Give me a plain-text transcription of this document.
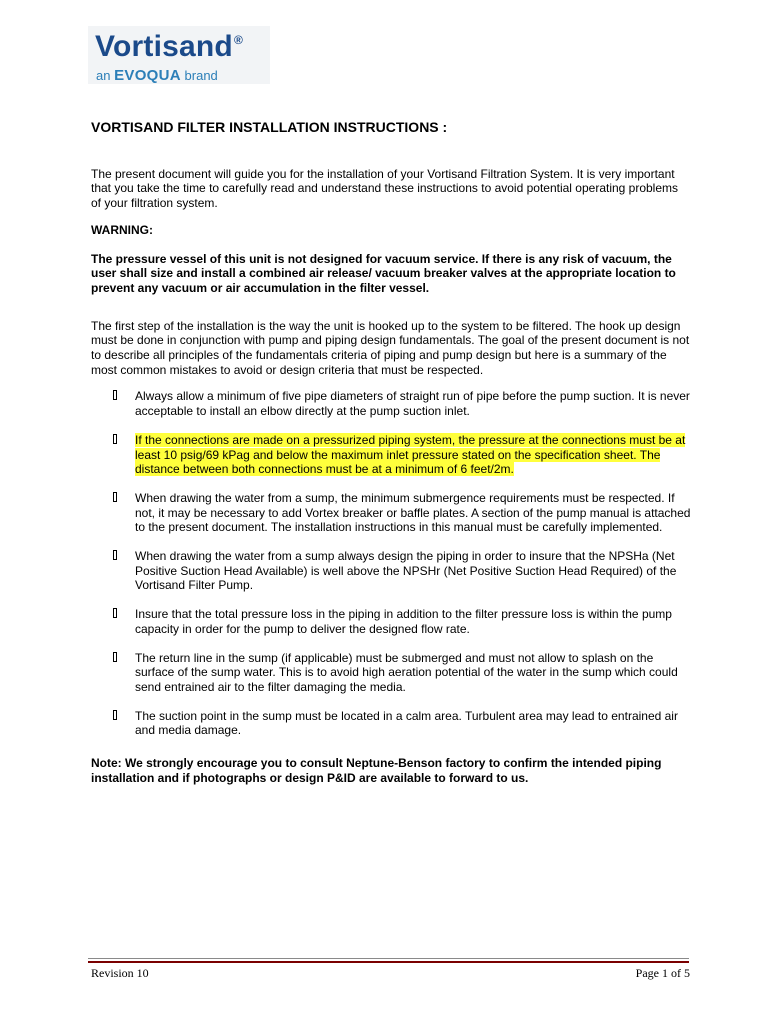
Vortisand®
an EVOQUA brand
VORTISAND FILTER INSTALLATION INSTRUCTIONS :

The present document will guide you for the installation of your Vortisand Filtration System. It is very important that you take the time to carefully read and understand these instructions to avoid potential operating problems of your filtration system.

WARNING:

The pressure vessel of this unit is not designed for vacuum service. If there is any risk of vacuum, the user shall size and install a combined air release/ vacuum breaker valves at the appropriate location to prevent any vacuum or air accumulation in the filter vessel.

The first step of the installation is the way the unit is hooked up to the system to be filtered. The hook up design must be done in conjunction with pump and piping design fundamentals. The goal of the present document is not to describe all principles of the fundamentals criteria of piping and pump design but here is a summary of the most common mistakes to avoid or design criteria that must be respected.

Always allow a minimum of five pipe diameters of straight run of pipe before the pump suction. It is never acceptable to install an elbow directly at the pump suction inlet.
If the connections are made on a pressurized piping system, the pressure at the connections must be at least 10 psig/69 kPag and below the maximum inlet pressure stated on the specification sheet. The distance between both connections must be at a minimum of 6 feet/2m.
When drawing the water from a sump, the minimum submergence requirements must be respected. If not, it may be necessary to add Vortex breaker or baffle plates. A section of the pump manual is attached to the present document. The installation instructions in this manual must be carefully implemented.
When drawing the water from a sump always design the piping in order to insure that the NPSHa (Net Positive Suction Head Available) is well above the NPSHr (Net Positive Suction Head Required) of the Vortisand Filter Pump.
Insure that the total pressure loss in the piping in addition to the filter pressure loss is within the pump capacity in order for the pump to deliver the designed flow rate.
The return line in the sump (if applicable) must be submerged and must not allow to splash on the surface of the sump water. This is to avoid high aeration potential of the water in the sump which could send entrained air to the filter damaging the media.
The suction point in the sump must be located in a calm area. Turbulent area may lead to entrained air and media damage.

Note: We strongly encourage you to consult Neptune-Benson factory to confirm the intended piping installation and if photographs or design P&ID are available to forward to us.

Revision 10	Page 1 of 5
